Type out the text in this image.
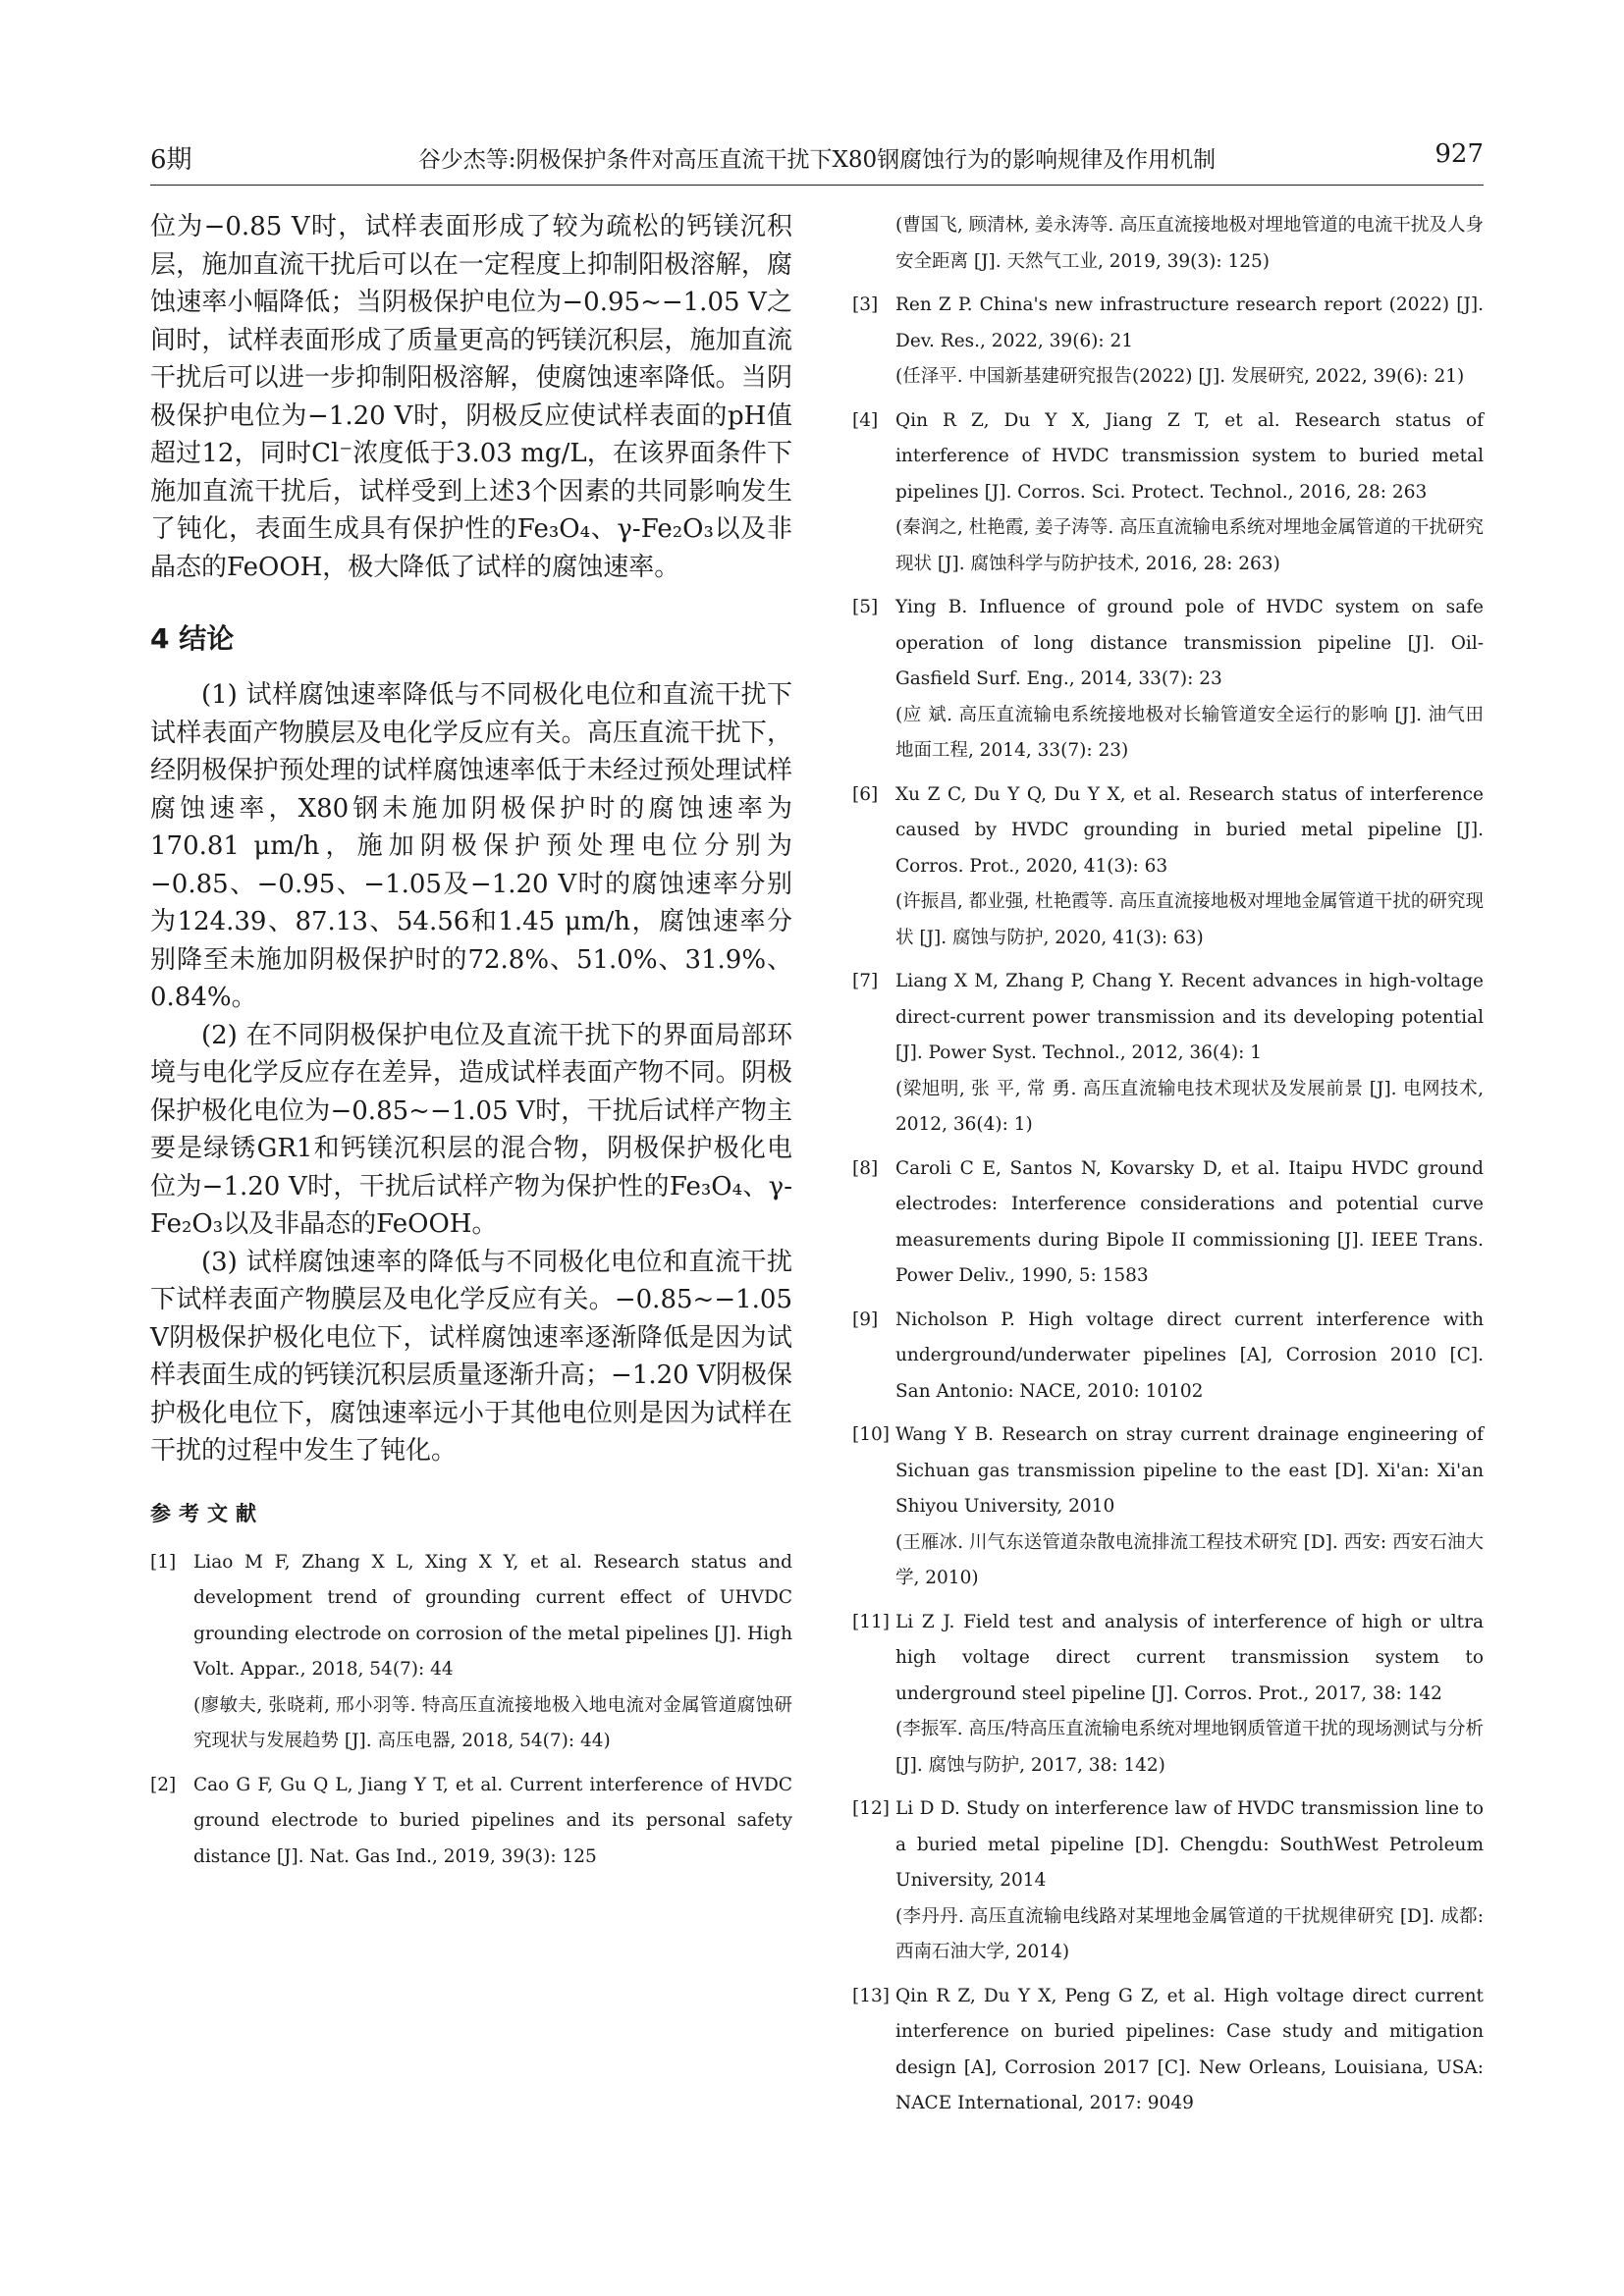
6期	谷少杰等:阴极保护条件对高压直流干扰下X80钢腐蚀行为的影响规律及作用机制	927

位为−0.85 V时，试样表面形成了较为疏松的钙镁沉积层，施加直流干扰后可以在一定程度上抑制阳极溶解，腐蚀速率小幅降低；当阴极保护电位为−0.95~−1.05 V之间时，试样表面形成了质量更高的钙镁沉积层，施加直流干扰后可以进一步抑制阳极溶解，使腐蚀速率降低。当阴极保护电位为−1.20 V时，阴极反应使试样表面的pH值超过12，同时Cl⁻浓度低于3.03 mg/L，在该界面条件下施加直流干扰后，试样受到上述3个因素的共同影响发生了钝化，表面生成具有保护性的Fe₃O₄、γ-Fe₂O₃以及非晶态的FeOOH，极大降低了试样的腐蚀速率。

4 结论

(1) 试样腐蚀速率降低与不同极化电位和直流干扰下试样表面产物膜层及电化学反应有关。高压直流干扰下，经阴极保护预处理的试样腐蚀速率低于未经过预处理试样腐蚀速率，X80钢未施加阴极保护时的腐蚀速率为170.81 μm/h，施加阴极保护预处理电位分别为−0.85、−0.95、−1.05及−1.20 V时的腐蚀速率分别为124.39、87.13、54.56和1.45 μm/h，腐蚀速率分别降至未施加阴极保护时的72.8%、51.0%、31.9%、0.84%。

(2) 在不同阴极保护电位及直流干扰下的界面局部环境与电化学反应存在差异，造成试样表面产物不同。阴极保护极化电位为−0.85~−1.05 V时，干扰后试样产物主要是绿锈GR1和钙镁沉积层的混合物，阴极保护极化电位为−1.20 V时，干扰后试样产物为保护性的Fe₃O₄、γ-Fe₂O₃以及非晶态的FeOOH。

(3) 试样腐蚀速率的降低与不同极化电位和直流干扰下试样表面产物膜层及电化学反应有关。−0.85~−1.05 V阴极保护极化电位下，试样腐蚀速率逐渐降低是因为试样表面生成的钙镁沉积层质量逐渐升高；−1.20 V阴极保护极化电位下，腐蚀速率远小于其他电位则是因为试样在干扰的过程中发生了钝化。

参考文献
[1] Liao M F, Zhang X L, Xing X Y, et al. Research status and development trend of grounding current effect of UHVDC grounding electrode on corrosion of the metal pipelines [J]. High Volt. Appar., 2018, 54(7): 44
(廖敏夫, 张晓莉, 邢小羽等. 特高压直流接地极入地电流对金属管道腐蚀研究现状与发展趋势 [J]. 高压电器, 2018, 54(7): 44)
[2] Cao G F, Gu Q L, Jiang Y T, et al. Current interference of HVDC ground electrode to buried pipelines and its personal safety distance [J]. Nat. Gas Ind., 2019, 39(3): 125
(曹国飞, 顾清林, 姜永涛等. 高压直流接地极对埋地管道的电流干扰及人身安全距离 [J]. 天然气工业, 2019, 39(3): 125)
[3] Ren Z P. China's new infrastructure research report (2022) [J]. Dev. Res., 2022, 39(6): 21
(任泽平. 中国新基建研究报告(2022) [J]. 发展研究, 2022, 39(6): 21)
[4] Qin R Z, Du Y X, Jiang Z T, et al. Research status of interference of HVDC transmission system to buried metal pipelines [J]. Corros. Sci. Protect. Technol., 2016, 28: 263
(秦润之, 杜艳霞, 姜子涛等. 高压直流输电系统对埋地金属管道的干扰研究现状 [J]. 腐蚀科学与防护技术, 2016, 28: 263)
[5] Ying B. Influence of ground pole of HVDC system on safe operation of long distance transmission pipeline [J]. Oil-Gasfield Surf. Eng., 2014, 33(7): 23
(应 斌. 高压直流输电系统接地极对长输管道安全运行的影响 [J]. 油气田地面工程, 2014, 33(7): 23)
[6] Xu Z C, Du Y Q, Du Y X, et al. Research status of interference caused by HVDC grounding in buried metal pipeline [J]. Corros. Prot., 2020, 41(3): 63
(许振昌, 都业强, 杜艳霞等. 高压直流接地极对埋地金属管道干扰的研究现状 [J]. 腐蚀与防护, 2020, 41(3): 63)
[7] Liang X M, Zhang P, Chang Y. Recent advances in high-voltage direct-current power transmission and its developing potential [J]. Power Syst. Technol., 2012, 36(4): 1
(梁旭明, 张 平, 常 勇. 高压直流输电技术现状及发展前景 [J]. 电网技术, 2012, 36(4): 1)
[8] Caroli C E, Santos N, Kovarsky D, et al. Itaipu HVDC ground electrodes: Interference considerations and potential curve measurements during Bipole II commissioning [J]. IEEE Trans. Power Deliv., 1990, 5: 1583
[9] Nicholson P. High voltage direct current interference with underground/underwater pipelines [A], Corrosion 2010 [C]. San Antonio: NACE, 2010: 10102
[10] Wang Y B. Research on stray current drainage engineering of Sichuan gas transmission pipeline to the east [D]. Xi'an: Xi'an Shiyou University, 2010
(王雁冰. 川气东送管道杂散电流排流工程技术研究 [D]. 西安: 西安石油大学, 2010)
[11] Li Z J. Field test and analysis of interference of high or ultra high voltage direct current transmission system to underground steel pipeline [J]. Corros. Prot., 2017, 38: 142
(李振军. 高压/特高压直流输电系统对埋地钢质管道干扰的现场测试与分析 [J]. 腐蚀与防护, 2017, 38: 142)
[12] Li D D. Study on interference law of HVDC transmission line to a buried metal pipeline [D]. Chengdu: SouthWest Petroleum University, 2014
(李丹丹. 高压直流输电线路对某埋地金属管道的干扰规律研究 [D]. 成都: 西南石油大学, 2014)
[13] Qin R Z, Du Y X, Peng G Z, et al. High voltage direct current interference on buried pipelines: Case study and mitigation design [A], Corrosion 2017 [C]. New Orleans, Louisiana, USA: NACE International, 2017: 9049
